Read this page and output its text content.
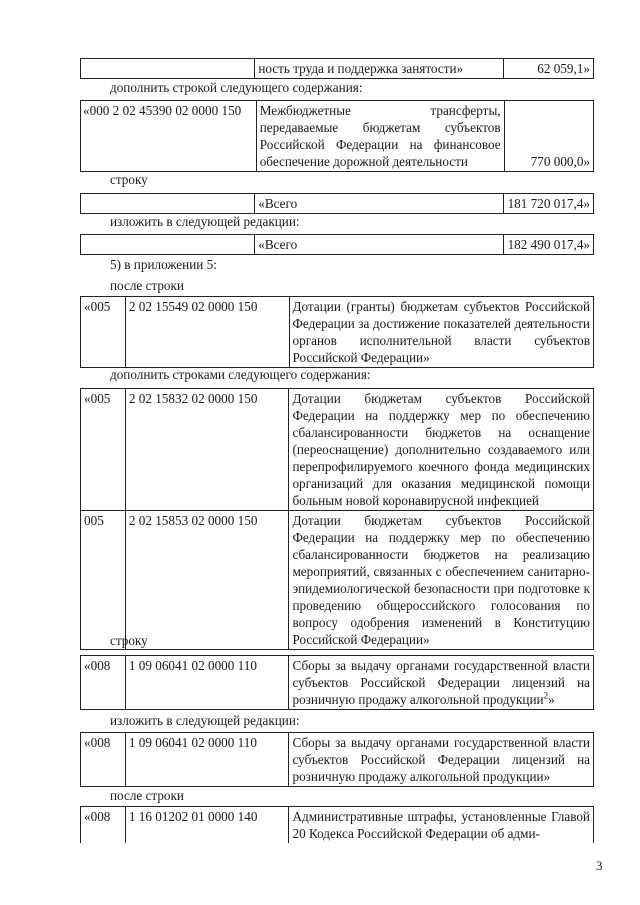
	ность труда и поддержка занятости»	62 059,1»
дополнить строкой следующего содержания:
«000 2 02 45390 02 0000 150	Межбюджетные трансферты, передаваемые бюджетам субъектов Российской Федерации на финансовое обеспечение дорожной деятельности	770 000,0»
строку
	«Всего	181 720 017,4»
изложить в следующей редакции:
	«Всего	182 490 017,4»
5) в приложении 5:
после строки
«005	2 02 15549 02 0000 150	Дотации (гранты) бюджетам субъектов Российской Федерации за достижение показателей деятельности органов исполнительной власти субъектов Российской Федерации»
дополнить строками следующего содержания:
«005	2 02 15832 02 0000 150	Дотации бюджетам субъектов Российской Федерации на поддержку мер по обеспечению сбалансированности бюджетов на оснащение (переоснащение) дополнительно создаваемого или перепрофилируемого коечного фонда медицинских организаций для оказания медицинской помощи больным новой коронавирусной инфекцией
005	2 02 15853 02 0000 150	Дотации бюджетам субъектов Российской Федерации на поддержку мер по обеспечению сбалансированности бюджетов на реализацию мероприятий, связанных с обеспечением санитарно-эпидемиологической безопасности при подготовке к проведению общероссийского голосования по вопросу одобрения изменений в Конституцию Российской Федерации»
строку
«008	1 09 06041 02 0000 110	Сборы за выдачу органами государственной власти субъектов Российской Федерации лицензий на розничную продажу алкогольной продукции$^2$»
изложить в следующей редакции:
«008	1 09 06041 02 0000 110	Сборы за выдачу органами государственной власти субъектов Российской Федерации лицензий на розничную продажу алкогольной продукции»
после строки
«008	1 16 01202 01 0000 140	Административные штрафы, установленные Главой 20 Кодекса Российской Федерации об адми-
3
